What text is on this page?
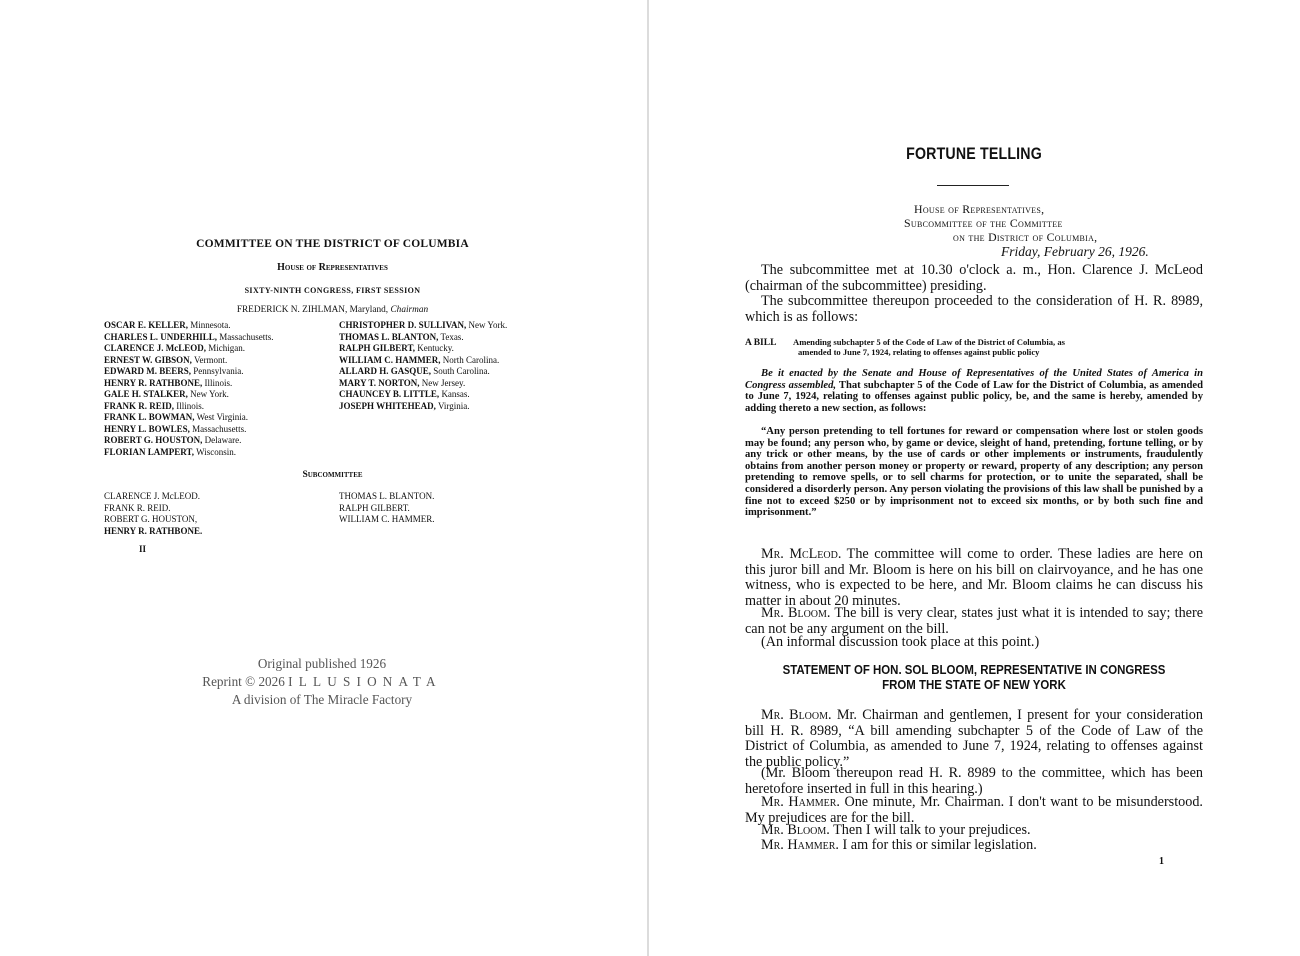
COMMITTEE ON THE DISTRICT OF COLUMBIA
House of Representatives
SIXTY-NINTH CONGRESS, FIRST SESSION
FREDERICK N. ZIHLMAN, Maryland, Chairman
OSCAR E. KELLER, Minnesota.
CHARLES L. UNDERHILL, Massachusetts.
CLARENCE J. McLEOD, Michigan.
ERNEST W. GIBSON, Vermont.
EDWARD M. BEERS, Pennsylvania.
HENRY R. RATHBONE, Illinois.
GALE H. STALKER, New York.
FRANK R. REID, Illinois.
FRANK L. BOWMAN, West Virginia.
HENRY L. BOWLES, Massachusetts.
ROBERT G. HOUSTON, Delaware.
FLORIAN LAMPERT, Wisconsin.
CHRISTOPHER D. SULLIVAN, New York.
THOMAS L. BLANTON, Texas.
RALPH GILBERT, Kentucky.
WILLIAM C. HAMMER, North Carolina.
ALLARD H. GASQUE, South Carolina.
MARY T. NORTON, New Jersey.
CHAUNCEY B. LITTLE, Kansas.
JOSEPH WHITEHEAD, Virginia.
Subcommittee
CLARENCE J. McLEOD.
FRANK R. REID.
ROBERT G. HOUSTON,
HENRY R. RATHBONE.
THOMAS L. BLANTON.
RALPH GILBERT.
WILLIAM C. HAMMER.
II
Original published 1926
Reprint © 2026 ILLUSIONATA
A division of The Miracle Factory
FORTUNE TELLING
House of Representatives,
Subcommittee of the Committee
on the District of Columbia,
Friday, February 26, 1926.

The subcommittee met at 10.30 o'clock a. m., Hon. Clarence J. McLeod (chairman of the subcommittee) presiding.

The subcommittee thereupon proceeded to the consideration of H. R. 8989, which is as follows:

A BILL Amending subchapter 5 of the Code of Law of the District of Columbia, as
amended to June 7, 1924, relating to offenses against public policy

Be it enacted by the Senate and House of Representatives of the United States of America in Congress assembled, That subchapter 5 of the Code of Law for the District of Columbia, as amended to June 7, 1924, relating to offenses against public policy, be, and the same is hereby, amended by adding thereto a new section, as follows:

“Any person pretending to tell fortunes for reward or compensation where lost or stolen goods may be found; any person who, by game or device, sleight of hand, pretending, fortune telling, or by any trick or other means, by the use of cards or other implements or instruments, fraudulently obtains from another person money or property or reward, property of any description; any person pretending to remove spells, or to sell charms for protection, or to unite the separated, shall be considered a disorderly person. Any person violating the provisions of this law shall be punished by a fine not to exceed $250 or by imprisonment not to exceed six months, or by both such fine and imprisonment.”

Mr. McLeod. The committee will come to order. These ladies are here on this juror bill and Mr. Bloom is here on his bill on clairvoyance, and he has one witness, who is expected to be here, and Mr. Bloom claims he can discuss his matter in about 20 minutes.

Mr. Bloom. The bill is very clear, states just what it is intended to say; there can not be any argument on the bill.

(An informal discussion took place at this point.)

STATEMENT OF HON. SOL BLOOM, REPRESENTATIVE IN CONGRESS FROM THE STATE OF NEW YORK

Mr. Bloom. Mr. Chairman and gentlemen, I present for your consideration bill H. R. 8989, “A bill amending subchapter 5 of the Code of Law of the District of Columbia, as amended to June 7, 1924, relating to offenses against the public policy.”

(Mr. Bloom thereupon read H. R. 8989 to the committee, which has been heretofore inserted in full in this hearing.)

Mr. Hammer. One minute, Mr. Chairman. I don't want to be misunderstood. My prejudices are for the bill.

Mr. Bloom. Then I will talk to your prejudices.

Mr. Hammer. I am for this or similar legislation.

1
